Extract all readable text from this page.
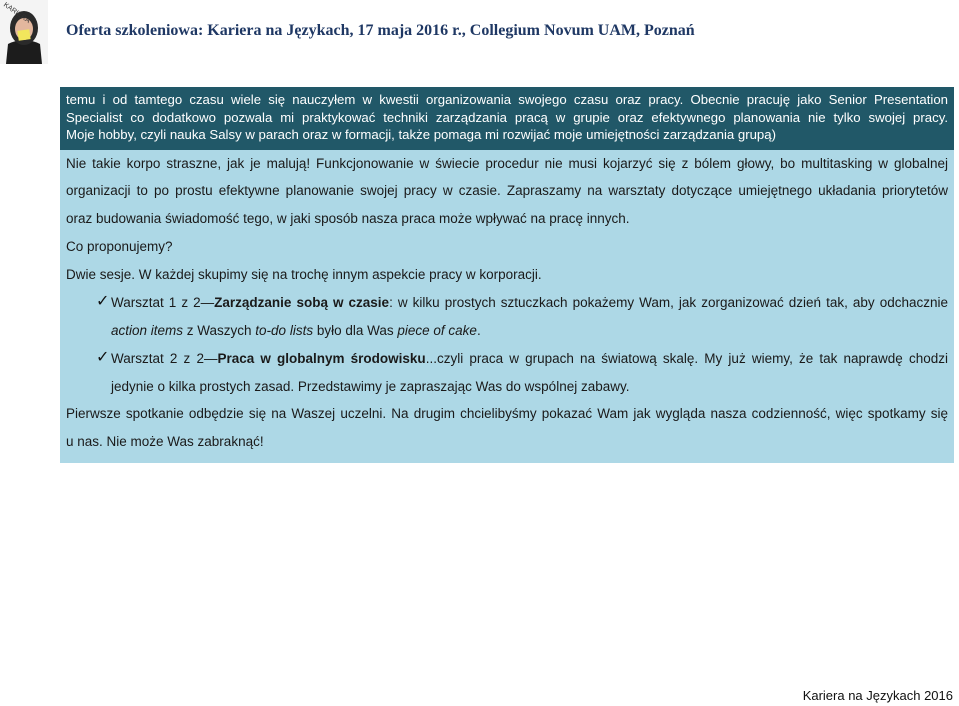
KARIERA
Oferta szkoleniowa: Kariera na Językach, 17 maja 2016 r., Collegium Novum UAM, Poznań
temu i od tamtego czasu wiele się nauczyłem w kwestii organizowania swojego czasu oraz pracy. Obecnie pracuję jako Senior Presentation
Specialist co dodatkowo pozwala mi praktykować techniki zarządzania pracą w grupie oraz efektywnego planowania nie tylko swojej pracy.
Moje hobby, czyli nauka Salsy w parach oraz w formacji, także pomaga mi rozwijać moje umiejętności zarządzania grupą)
Nie takie korpo straszne, jak je malują! Funkcjonowanie w świecie procedur nie musi kojarzyć się z bólem głowy, bo multitasking w globalnej
organizacji to po prostu efektywne planowanie swojej pracy w czasie. Zapraszamy na warsztaty dotyczące umiejętnego układania priorytetów
oraz budowania świadomość tego, w jaki sposób nasza praca może wpływać na pracę innych.
Co proponujemy?
Dwie sesje. W każdej skupimy się na trochę innym aspekcie pracy w korporacji.
✓ Warsztat 1 z 2—Zarządzanie sobą w czasie: w kilku prostych sztuczkach pokażemy Wam, jak zorganizować dzień tak, aby odchacznie
action items z Waszych to-do lists było dla Was piece of cake.
✓ Warsztat 2 z 2—Praca w globalnym środowisku...czyli praca w grupach na światową skalę. My już wiemy, że tak naprawdę chodzi
jedynie o kilka prostych zasad. Przedstawimy je zapraszając Was do wspólnej zabawy.
Pierwsze spotkanie odbędzie się na Waszej uczelni. Na drugim chcielibyśmy pokazać Wam jak wygląda nasza codzienność, więc spotkamy się
u nas. Nie może Was zabraknąć!
Kariera na Językach 2016
